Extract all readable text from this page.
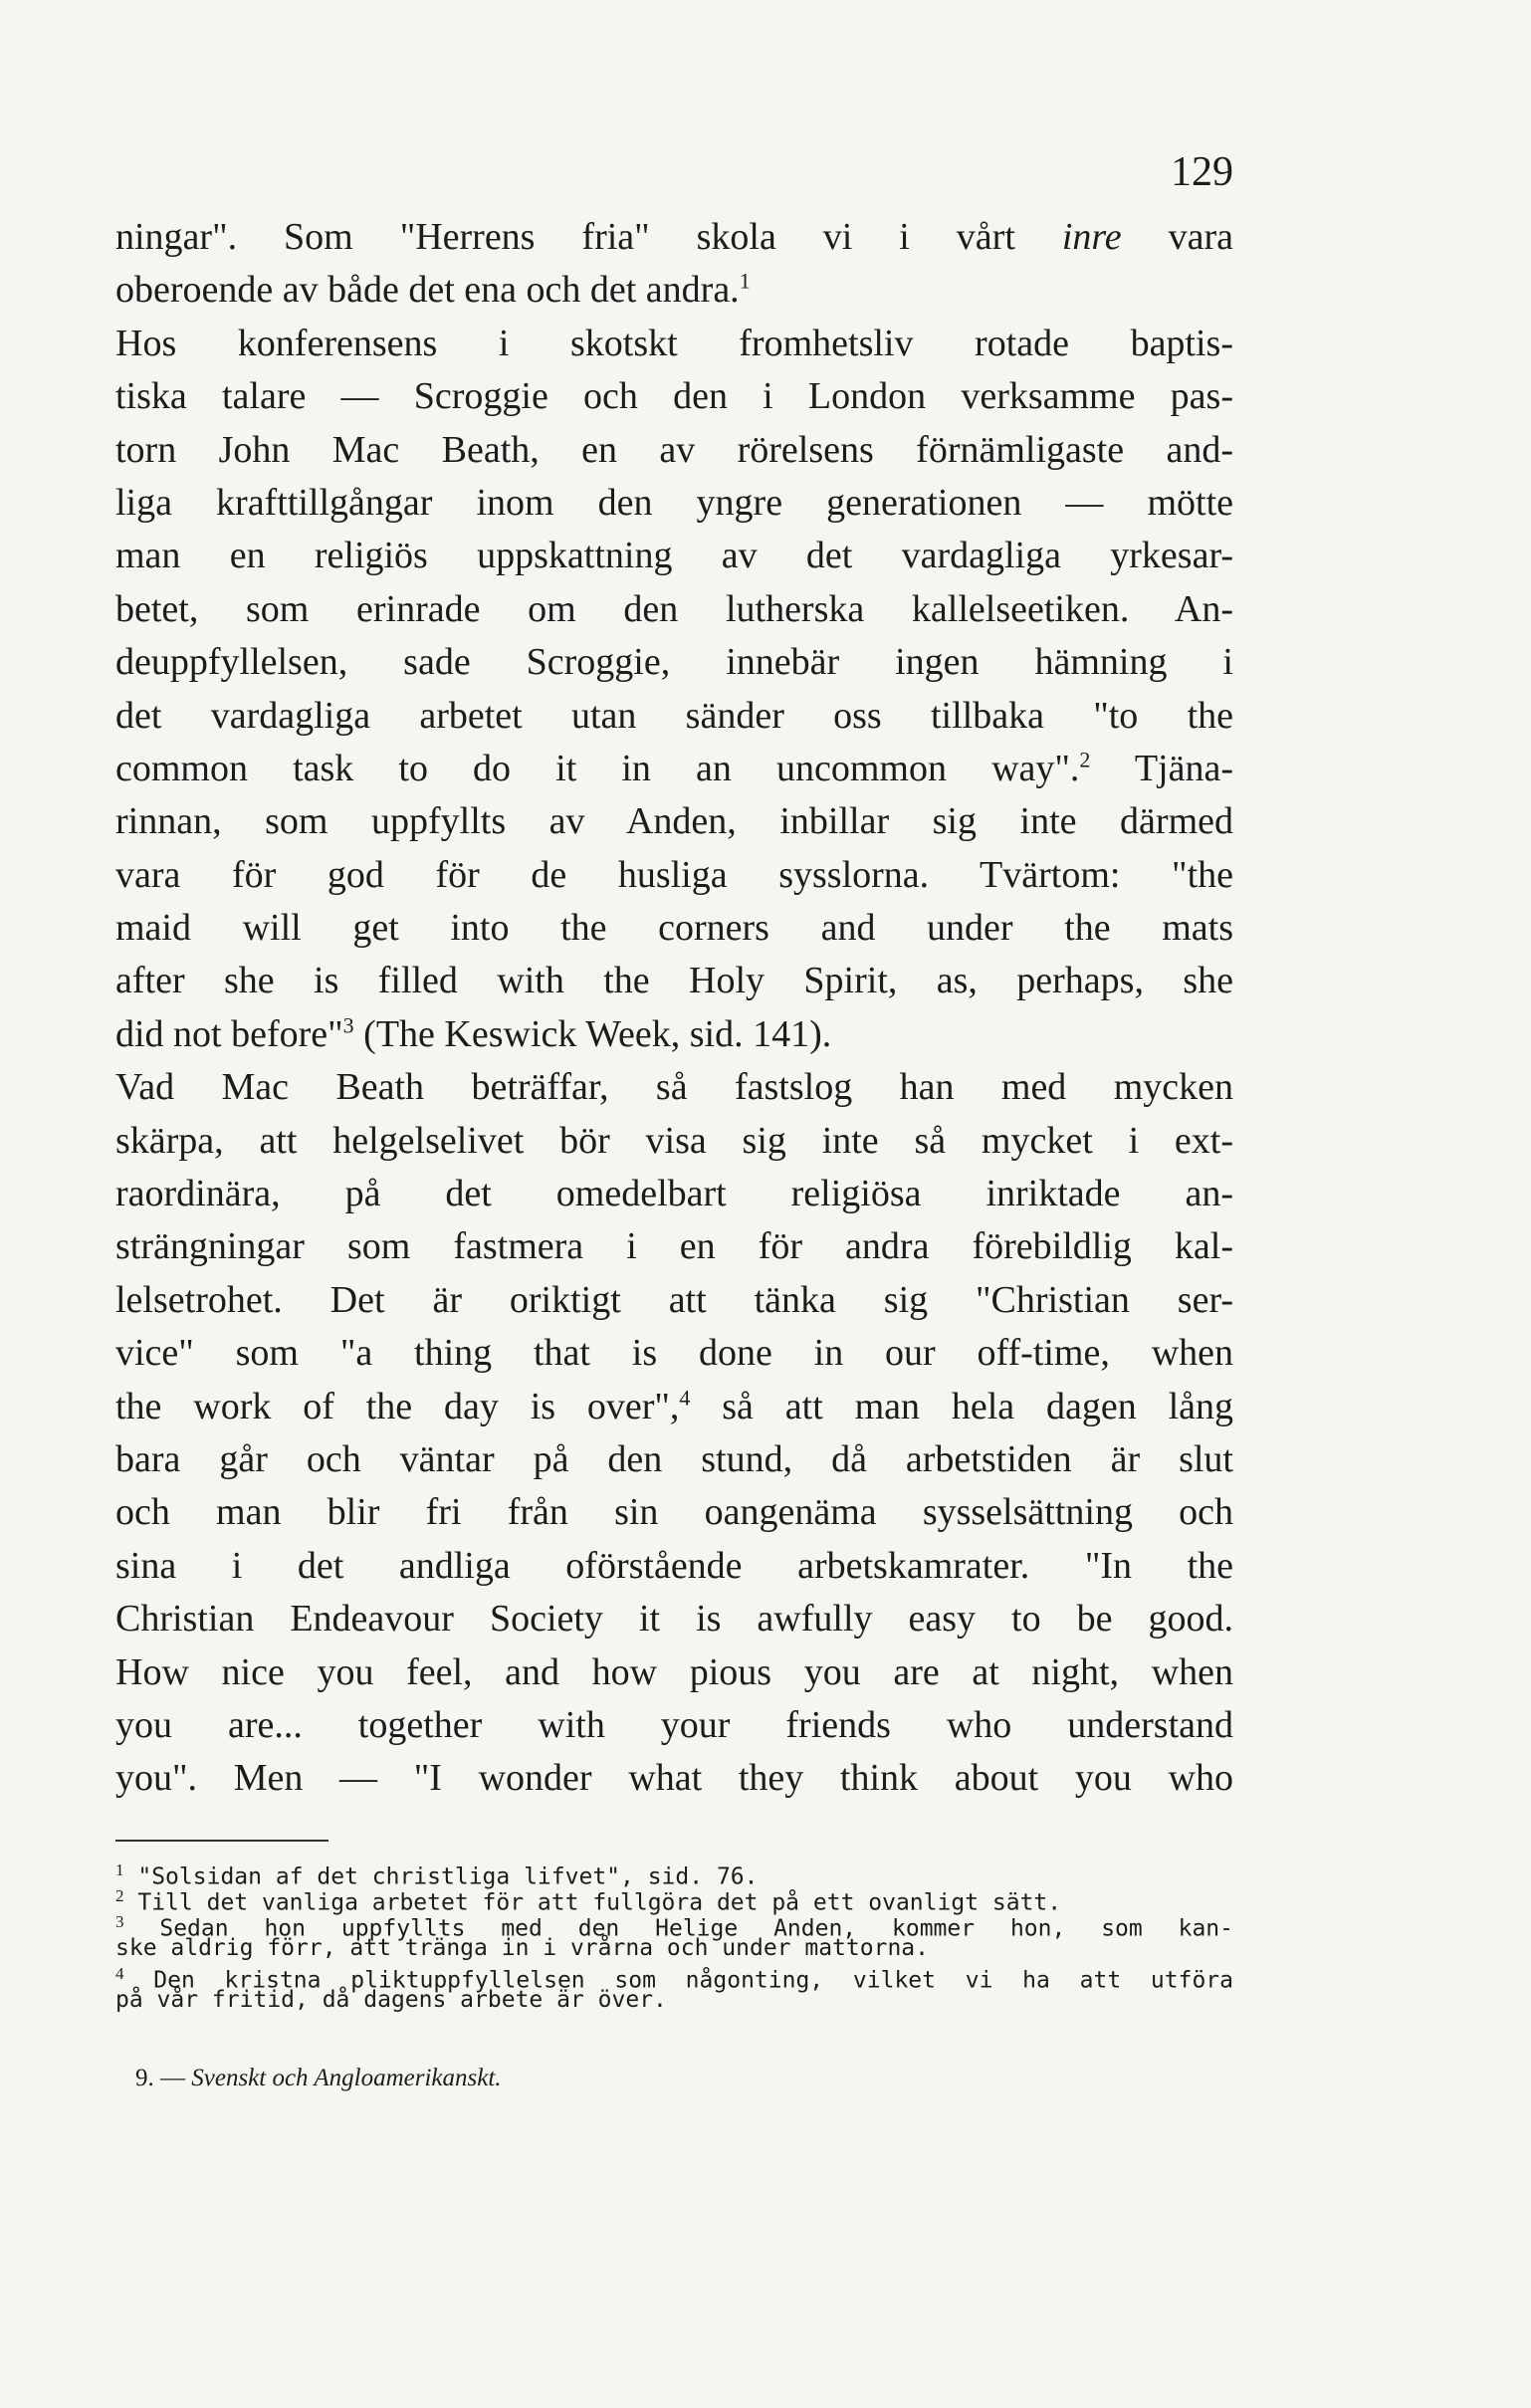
129
ningar". Som "Herrens fria" skola vi i vårt inre vara
oberoende av både det ena och det andra.$^1$
Hos konferensens i skotskt fromhetsliv rotade baptis-
tiska talare — Scroggie och den i London verksamme pas-
torn John Mac Beath, en av rörelsens förnämligaste and-
liga krafttillgångar inom den yngre generationen — mötte
man en religiös uppskattning av det vardagliga yrkesar-
betet, som erinrade om den lutherska kallelseetiken. An-
deuppfyllelsen, sade Scroggie, innebär ingen hämning i
det vardagliga arbetet utan sänder oss tillbaka "to the
common task to do it in an uncommon way".$^2$ Tjäna-
rinnan, som uppfyllts av Anden, inbillar sig inte därmed
vara för god för de husliga sysslorna. Tvärtom: "the
maid will get into the corners and under the mats
after she is filled with the Holy Spirit, as, perhaps, she
did not before"$^3$ (The Keswick Week, sid. 141).
Vad Mac Beath beträffar, så fastslog han med mycken
skärpa, att helgelselivet bör visa sig inte så mycket i ext-
raordinära, på det omedelbart religiösa inriktade an-
strängningar som fastmera i en för andra förebildlig kal-
lelsetrohet. Det är oriktigt att tänka sig "Christian ser-
vice" som "a thing that is done in our off-time, when
the work of the day is over",$^4$ så att man hela dagen lång
bara går och väntar på den stund, då arbetstiden är slut
och man blir fri från sin oangenäma sysselsättning och
sina i det andliga oförstående arbetskamrater. "In the
Christian Endeavour Society it is awfully easy to be good.
How nice you feel, and how pious you are at night, when
you are... together with your friends who understand
you". Men — "I wonder what they think about you who
$^1$ "Solsidan af det christliga lifvet", sid. 76.
$^2$ Till det vanliga arbetet för att fullgöra det på ett ovanligt sätt.
$^3$ Sedan hon uppfyllts med den Helige Anden, kommer hon, som kan-
ske aldrig förr, att tränga in i vrårna och under mattorna.
$^4$ Den kristna pliktuppfyllelsen som någonting, vilket vi ha att utföra
på vår fritid, då dagens arbete är över.
9. — Svenskt och Angloamerikanskt.
